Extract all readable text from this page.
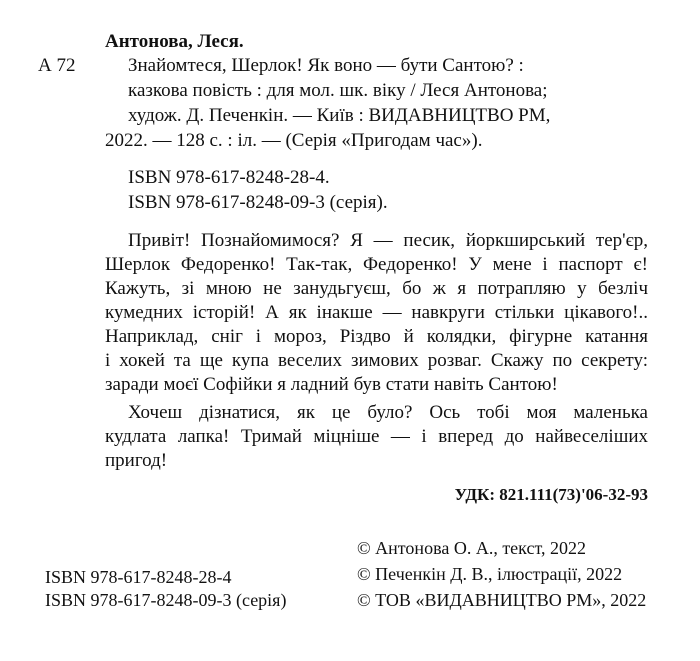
Антонова, Леся.
А 72	Знайомтеся, Шерлок! Як воно — бути Сантою? :
казкова повість : для мол. шк. віку / Леся Антонова;
худож. Д. Печенкін. — Київ : ВИДАВНИЦТВО РМ,
2022. — 128 с. : іл. — (Серія «Пригодам час»).
ISBN 978-617-8248-28-4.
ISBN 978-617-8248-09-3 (серія).
Привіт! Познайомимося? Я — песик, йоркширський тер'єр,
Шерлок Федоренко! Так-так, Федоренко! У мене і паспорт є!
Кажуть, зі мною не занудьгуєш, бо ж я потрапляю у безліч
кумедних історій! А як інакше — навкруги стільки цікавого!..
Наприклад, сніг і мороз, Різдво й колядки, фігурне катання
і хокей та ще купа веселих зимових розваг. Скажу по секрету:
заради моєї Софійки я ладний був стати навіть Сантою!
Хочеш дізнатися, як це було? Ось тобі моя маленька
кудлата лапка! Тримай міцніше — і вперед до найвеселіших
пригод!
УДК: 821.111(73)'06-32-93
ISBN 978-617-8248-28-4
ISBN 978-617-8248-09-3 (серія)
© Антонова О. А., текст, 2022
© Печенкін Д. В., ілюстрації, 2022
© ТОВ «ВИДАВНИЦТВО РМ», 2022
